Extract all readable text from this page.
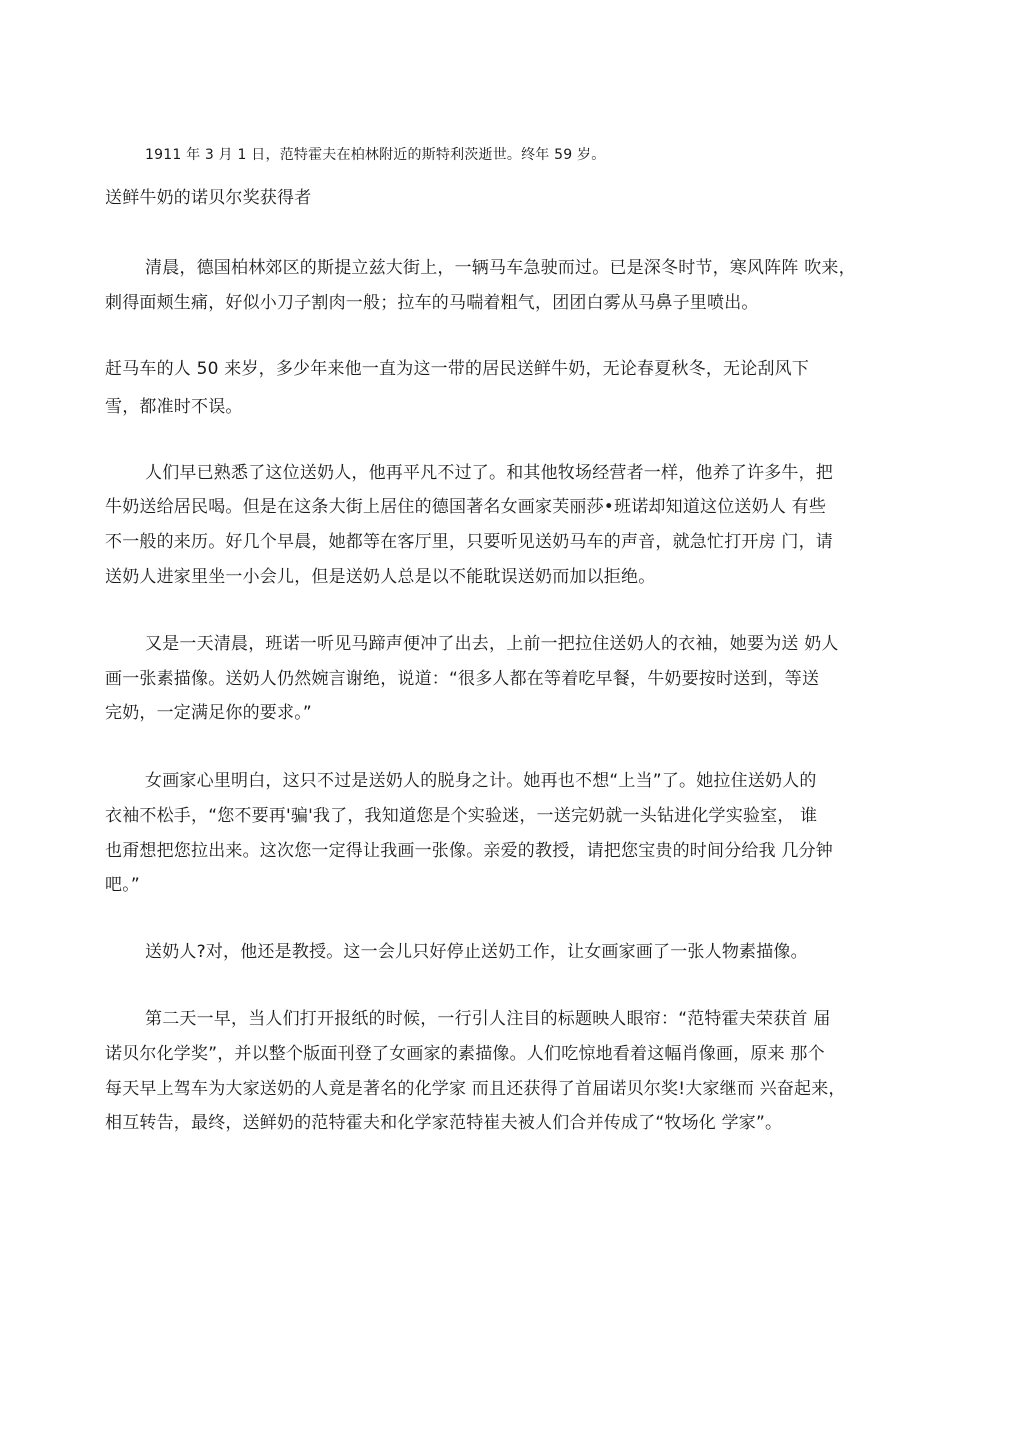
1911 年 3 月 1 日，范特霍夫在柏林附近的斯特利茨逝世。终年 59 岁。
送鲜牛奶的诺贝尔奖获得者
清晨，德国柏林郊区的斯提立兹大街上，一辆马车急驶而过。已是深冬时节，寒风阵阵 吹来，
刺得面颊生痛，好似小刀子割肉一般；拉车的马喘着粗气，团团白雾从马鼻子里喷出。
赶马车的人 50 来岁，多少年来他一直为这一带的居民送鲜牛奶，无论春夏秋冬，无论刮风下
雪，都准时不误。
人们早已熟悉了这位送奶人，他再平凡不过了。和其他牧场经营者一样，他养了许多牛，把
牛奶送给居民喝。但是在这条大街上居住的德国著名女画家芙丽莎•班诺却知道这位送奶人 有些
不一般的来历。好几个早晨，她都等在客厅里，只要听见送奶马车的声音，就急忙打开房 门，请
送奶人进家里坐一小会儿，但是送奶人总是以不能耽误送奶而加以拒绝。
又是一天清晨，班诺一听见马蹄声便冲了出去，上前一把拉住送奶人的衣袖，她要为送 奶人
画一张素描像。送奶人仍然婉言谢绝，说道：“很多人都在等着吃早餐，牛奶要按时送到，等送
完奶，一定满足你的要求。”
女画家心里明白，这只不过是送奶人的脱身之计。她再也不想“上当”了。她拉住送奶人的
衣袖不松手，“您不要再'骗'我了，我知道您是个实验迷，一送完奶就一头钻进化学实验室， 谁
也甭想把您拉出来。这次您一定得让我画一张像。亲爱的教授，请把您宝贵的时间分给我 几分钟
吧。”
送奶人?对，他还是教授。这一会儿只好停止送奶工作，让女画家画了一张人物素描像。
第二天一早，当人们打开报纸的时候，一行引人注目的标题映人眼帘：“范特霍夫荣获首 届
诺贝尔化学奖”，并以整个版面刊登了女画家的素描像。人们吃惊地看着这幅肖像画，原来 那个
每天早上驾车为大家送奶的人竟是著名的化学家 而且还获得了首届诺贝尔奖!大家继而 兴奋起来，
相互转告，最终，送鲜奶的范特霍夫和化学家范特崔夫被人们合并传成了“牧场化 学家”。
